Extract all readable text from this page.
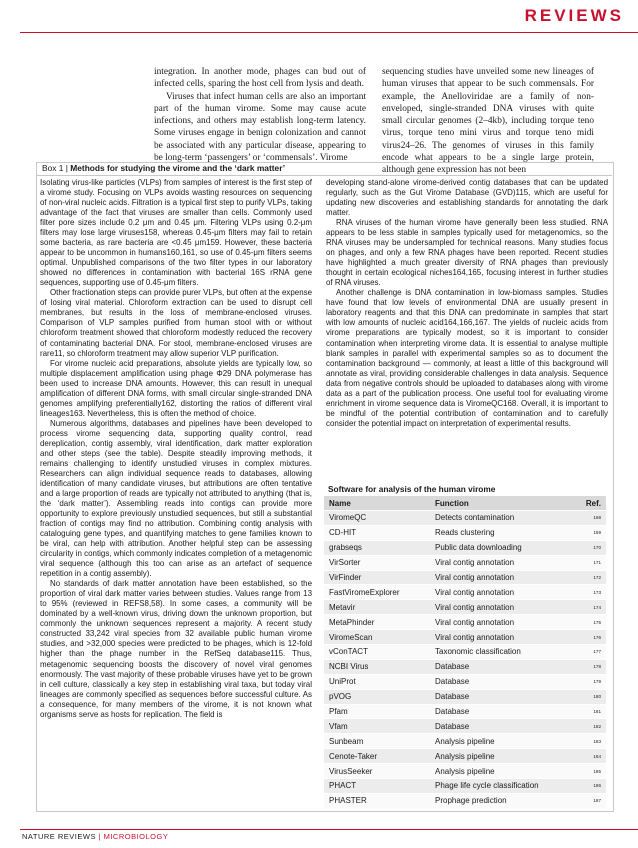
REVIEWS

integration. In another mode, phages can bud out of infected cells, sparing the host cell from lysis and death.

Viruses that infect human cells are also an important part of the human virome. Some may cause acute infections, and others may establish long-term latency. Some viruses engage in benign colonization and cannot be associated with any particular disease, appearing to be long-term ‘passengers’ or ‘commensals’. Virome

sequencing studies have unveiled some new lineages of human viruses that appear to be such commensals. For example, the Anelloviridae are a family of non-enveloped, single-stranded DNA viruses with quite small circular genomes (2–4kb), including torque teno virus, torque teno mini virus and torque teno midi virus24–26. The genomes of viruses in this family encode what appears to be a single large protein, although gene expression has not been

Box 1 | Methods for studying the virome and the ‘dark matter’

Isolating virus-like particles (VLPs) from samples of interest is the first step of a virome study. Focusing on VLPs avoids wasting resources on sequencing of non-viral nucleic acids. Filtration is a typical first step to purify VLPs, taking advantage of the fact that viruses are smaller than cells. Commonly used filter pore sizes include 0.2 μm and 0.45 μm. Filtering VLPs using 0.2-μm filters may lose large viruses158, whereas 0.45-μm filters may fail to retain some bacteria, as rare bacteria are <0.45 μm159. However, these bacteria appear to be uncommon in humans160,161, so use of 0.45-μm filters seems optimal. Unpublished comparisons of the two filter types in our laboratory showed no differences in contamination with bacterial 16S rRNA gene sequences, supporting use of 0.45-μm filters.

Other fractionation steps can provide purer VLPs, but often at the expense of losing viral material. Chloroform extraction can be used to disrupt cell membranes, but results in the loss of membrane-enclosed viruses. Comparison of VLP samples purified from human stool with or without chloroform treatment showed that chloroform modestly reduced the recovery of contaminating bacterial DNA. For stool, membrane-enclosed viruses are rare11, so chloroform treatment may allow superior VLP purification.

For virome nucleic acid preparations, absolute yields are typically low, so multiple displacement amplification using phage Φ29 DNA polymerase has been used to increase DNA amounts. However, this can result in unequal amplification of different DNA forms, with small circular single-stranded DNA genomes amplifying preferentially162, distorting the ratios of different viral lineages163. Nevertheless, this is often the method of choice.

Numerous algorithms, databases and pipelines have been developed to process virome sequencing data, supporting quality control, read dereplication, contig assembly, viral identification, dark matter exploration and other steps (see the table). Despite steadily improving methods, it remains challenging to identify unstudied viruses in complex mixtures. Researchers can align individual sequence reads to databases, allowing identification of many candidate viruses, but attributions are often tentative and a large proportion of reads are typically not attributed to anything (that is, the ‘dark matter’). Assembling reads into contigs can provide more opportunity to explore previously unstudied sequences, but still a substantial fraction of contigs may find no attribution. Combining contig analysis with cataloguing gene types, and quantifying matches to gene families known to be viral, can help with attribution. Another helpful step can be assessing circularity in contigs, which commonly indicates completion of a metagenomic viral sequence (although this too can arise as an artefact of sequence repetition in a contig assembly).

No standards of dark matter annotation have been established, so the proportion of viral dark matter varies between studies. Values range from 13 to 95% (reviewed in REFS8,58). In some cases, a community will be dominated by a well-known virus, driving down the unknown proportion, but commonly the unknown sequences represent a majority. A recent study constructed 33,242 viral species from 32 available public human virome studies, and >32,000 species were predicted to be phages, which is 12-fold higher than the phage number in the RefSeq database115. Thus, metagenomic sequencing boosts the discovery of novel viral genomes enormously. The vast majority of these probable viruses have yet to be grown in cell culture, classically a key step in establishing viral taxa, but today viral lineages are commonly specified as sequences before successful culture. As a consequence, for many members of the virome, it is not known what organisms serve as hosts for replication. The field is

developing stand-alone virome-derived contig databases that can be updated regularly, such as the Gut Virome Database (GVD)115, which are useful for updating new discoveries and establishing standards for annotating the dark matter.

RNA viruses of the human virome have generally been less studied. RNA appears to be less stable in samples typically used for metagenomics, so the RNA viruses may be undersampled for technical reasons. Many studies focus on phages, and only a few RNA phages have been reported. Recent studies have highlighted a much greater diversity of RNA phages than previously thought in certain ecological niches164,165, focusing interest in further studies of RNA viruses.

Another challenge is DNA contamination in low-biomass samples. Studies have found that low levels of environmental DNA are usually present in laboratory reagents and that this DNA can predominate in samples that start with low amounts of nucleic acid164,166,167. The yields of nucleic acids from virome preparations are typically modest, so it is important to consider contamination when interpreting virome data. It is essential to analyse multiple blank samples in parallel with experimental samples so as to document the contamination background — commonly, at least a little of this background will annotate as viral, providing considerable challenges in data analysis. Sequence data from negative controls should be uploaded to databases along with virome data as a part of the publication process. One useful tool for evaluating virome enrichment in virome sequence data is ViromeQC168. Overall, it is important to be mindful of the potential contribution of contamination and to carefully consider the potential impact on interpretation of experimental results.

Software for analysis of the human virome
Name	Function	Ref.
ViromeQC	Detects contamination	168
CD-HIT	Reads clustering	169
grabseqs	Public data downloading	170
VirSorter	Viral contig annotation	171
VirFinder	Viral contig annotation	172
FastViromeExplorer	Viral contig annotation	173
Metavir	Viral contig annotation	174
MetaPhinder	Viral contig annotation	175
ViromeScan	Viral contig annotation	176
vConTACT	Taxonomic classification	177
NCBI Virus	Database	178
UniProt	Database	179
pVOG	Database	180
Pfam	Database	181
Vfam	Database	182
Sunbeam	Analysis pipeline	183
Cenote-Taker	Analysis pipeline	184
VirusSeeker	Analysis pipeline	185
PHACT	Phage life cycle classification	186
PHASTER	Prophage prediction	187
NATURE REVIEWS | MICROBIOLOGY
